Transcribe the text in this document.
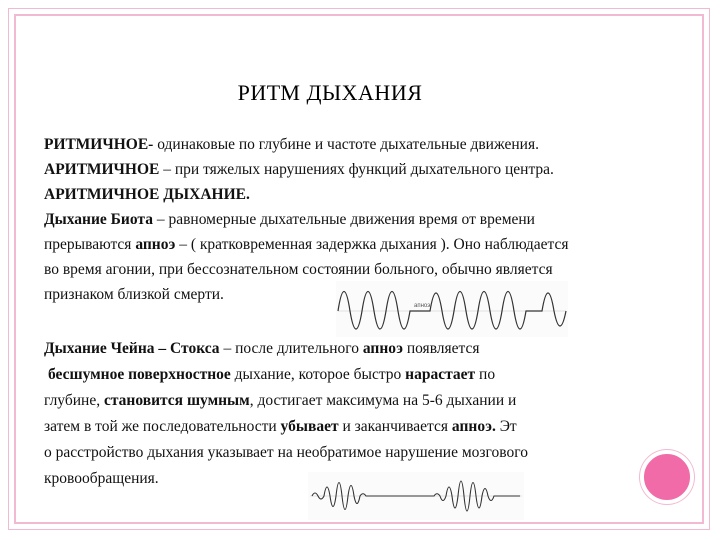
РИТМ ДЫХАНИЯ
РИТМИЧНОЕ- одинаковые по глубине и частоте дыхательные движения.
АРИТМИЧНОЕ – при тяжелых нарушениях функций дыхательного центра.
АРИТМИЧНОЕ ДЫХАНИЕ.
Дыхание Биота – равномерные дыхательные движения время от времени
прерываются апноэ – ( кратковременная задержка дыхания ). Оно наблюдается
во время агонии, при бессознательном состоянии больного, обычно является
признаком близкой смерти.
апноэ
Дыхание Чейна – Стокса – после длительного апноэ появляется
бесшумное поверхностное дыхание, которое быстро нарастает по
глубине, становится шумным, достигает максимума на 5-6 дыхании и
затем в той же последовательности убывает и заканчивается апноэ. Эт
о расстройство дыхания указывает на необратимое нарушение мозгового
кровообращения.
